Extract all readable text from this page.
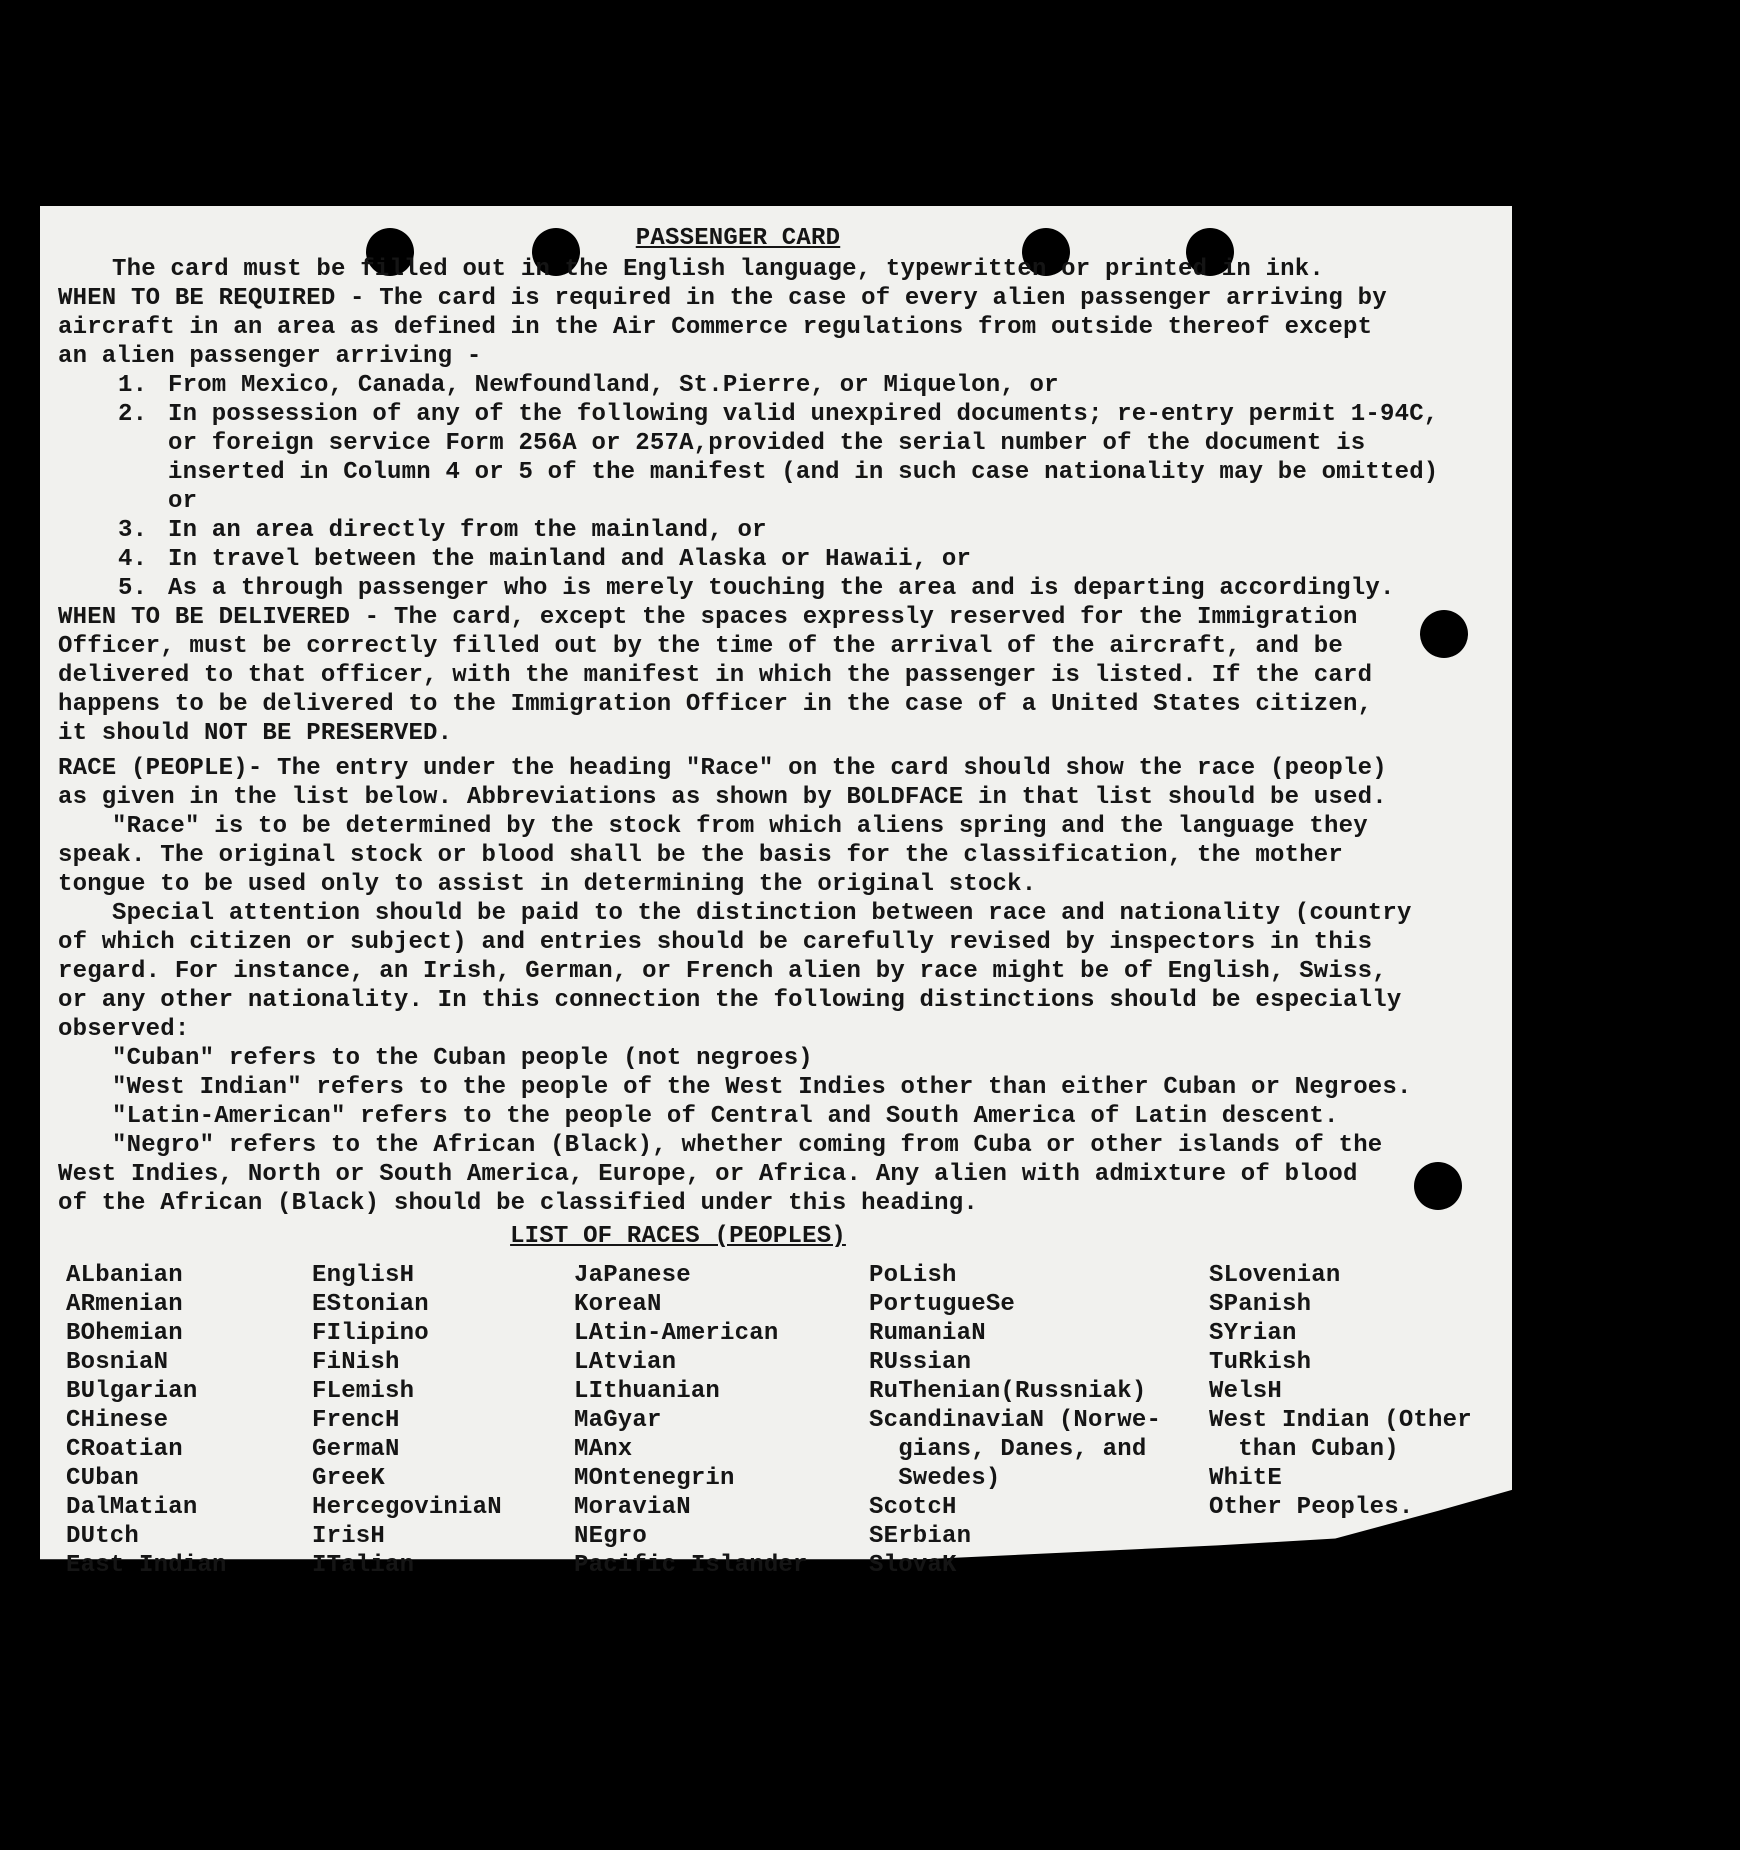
PASSENGER CARD
The card must be filled out in the English language, typewritten or printed in ink.
WHEN TO BE REQUIRED - The card is required in the case of every alien passenger arriving by
aircraft in an area as defined in the Air Commerce regulations from outside thereof except
an alien passenger arriving -
1. From Mexico, Canada, Newfoundland, St.Pierre, or Miquelon, or
2. In possession of any of the following valid unexpired documents; re-entry permit 1-94C,
or foreign service Form 256A or 257A,provided the serial number of the document is
inserted in Column 4 or 5 of the manifest (and in such case nationality may be omitted)
or
3. In an area directly from the mainland, or
4. In travel between the mainland and Alaska or Hawaii, or
5. As a through passenger who is merely touching the area and is departing accordingly.
WHEN TO BE DELIVERED - The card, except the spaces expressly reserved for the Immigration
Officer, must be correctly filled out by the time of the arrival of the aircraft, and be
delivered to that officer, with the manifest in which the passenger is listed. If the card
happens to be delivered to the Immigration Officer in the case of a United States citizen,
it should NOT BE PRESERVED.
RACE (PEOPLE)- The entry under the heading "Race" on the card should show the race (people)
as given in the list below. Abbreviations as shown by BOLDFACE in that list should be used.
"Race" is to be determined by the stock from which aliens spring and the language they
speak. The original stock or blood shall be the basis for the classification, the mother
tongue to be used only to assist in determining the original stock.
Special attention should be paid to the distinction between race and nationality (country
of which citizen or subject) and entries should be carefully revised by inspectors in this
regard. For instance, an Irish, German, or French alien by race might be of English, Swiss,
or any other nationality. In this connection the following distinctions should be especially
observed:
"Cuban" refers to the Cuban people (not negroes)
"West Indian" refers to the people of the West Indies other than either Cuban or Negroes.
"Latin-American" refers to the people of Central and South America of Latin descent.
"Negro" refers to the African (Black), whether coming from Cuba or other islands of the
West Indies, North or South America, Europe, or Africa. Any alien with admixture of blood
of the African (Black) should be classified under this heading.
LIST OF RACES (PEOPLES)
ALbanian
ARmenian
BOhemian
BosniaN
BUlgarian
CHinese
CRoatian
CUban
DalMatian
DUtch
East Indian
EnglisH
EStonian
FIlipino
FiNish
FLemish
FrencH
GermaN
GreeK
HercegoviniaN
IrisH
ITalian
JaPanese
KoreaN
LAtin-American
LAtvian
LIthuanian
MaGyar
MAnx
MOntenegrin
MoraviaN
NEgro
Pacific Islander
PoLish
PortugueSe
RumaniaN
RUssian
RuThenian(Russniak)
ScandinaviaN (Norwe-
gians, Danes, and
Swedes)
ScotcH
SErbian
SlovaK
SLovenian
SPanish
SYrian
TuRkish
WelsH
West Indian (Other
than Cuban)
WhitE
Other Peoples.
